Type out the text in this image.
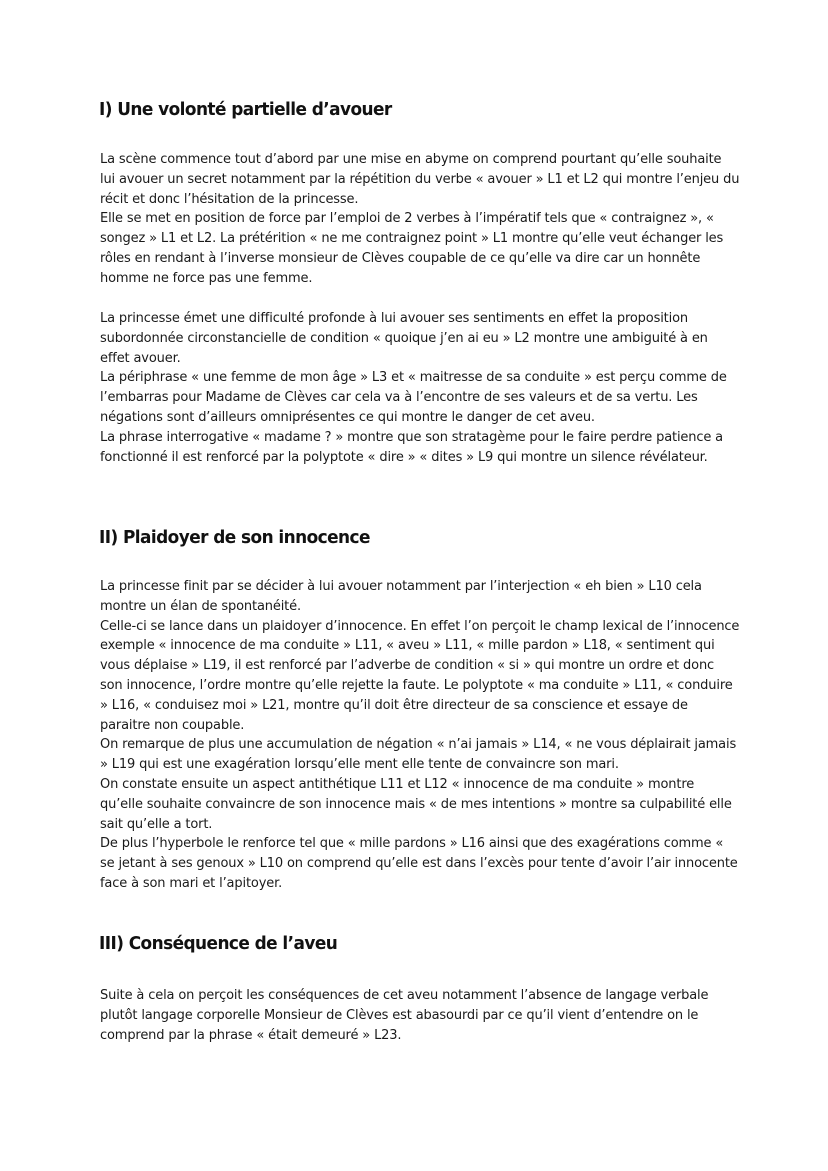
I) Une volonté partielle d’avouer

La scène commence tout d’abord par une mise en abyme on comprend pourtant qu’elle souhaite lui avouer un secret notamment par la répétition du verbe « avouer » L1 et L2 qui montre l’enjeu du récit et donc l’hésitation de la princesse.

Elle se met en position de force par l’emploi de 2 verbes à l’impératif tels que « contraignez », « songez » L1 et L2. La prétérition « ne me contraignez point » L1 montre qu’elle veut échanger les rôles en rendant à l’inverse monsieur de Clèves coupable de ce qu’elle va dire car un honnête homme ne force pas une femme.

La princesse émet une difficulté profonde à lui avouer ses sentiments en effet la proposition subordonnée circonstancielle de condition « quoique j’en ai eu » L2 montre une ambiguité à en effet avouer.

La périphrase « une femme de mon âge » L3 et « maitresse de sa conduite » est perçu comme de l’embarras pour Madame de Clèves car cela va à l’encontre de ses valeurs et de sa vertu. Les négations sont d’ailleurs omniprésentes ce qui montre le danger de cet aveu.

La phrase interrogative « madame ? » montre que son stratagème pour le faire perdre patience a fonctionné il est renforcé par la polyptote « dire » « dites » L9 qui montre un silence révélateur.

II) Plaidoyer de son innocence

La princesse finit par se décider à lui avouer notamment par l’interjection « eh bien » L10 cela montre un élan de spontanéité.

Celle-ci se lance dans un plaidoyer d’innocence. En effet l’on perçoit le champ lexical de l’innocence exemple « innocence de ma conduite » L11, « aveu » L11, « mille pardon » L18, « sentiment qui vous déplaise » L19, il est renforcé par l’adverbe de condition « si » qui montre un ordre et donc son innocence, l’ordre montre qu’elle rejette la faute. Le polyptote « ma conduite » L11, « conduire » L16, « conduisez moi » L21, montre qu’il doit être directeur de sa conscience et essaye de paraitre non coupable.

On remarque de plus une accumulation de négation « n’ai jamais » L14, « ne vous déplairait jamais » L19 qui est une exagération lorsqu’elle ment elle tente de convaincre son mari.

On constate ensuite un aspect antithétique L11 et L12 « innocence de ma conduite » montre qu’elle souhaite convaincre de son innocence mais « de mes intentions » montre sa culpabilité elle sait qu’elle a tort.

De plus l’hyperbole le renforce tel que « mille pardons » L16 ainsi que des exagérations comme « se jetant à ses genoux » L10 on comprend qu’elle est dans l’excès pour tente d’avoir l’air innocente face à son mari et l’apitoyer.

III) Conséquence de l’aveu

Suite à cela on perçoit les conséquences de cet aveu notamment l’absence de langage verbale plutôt langage corporelle Monsieur de Clèves est abasourdi par ce qu’il vient d’entendre on le comprend par la phrase « était demeuré » L23.
